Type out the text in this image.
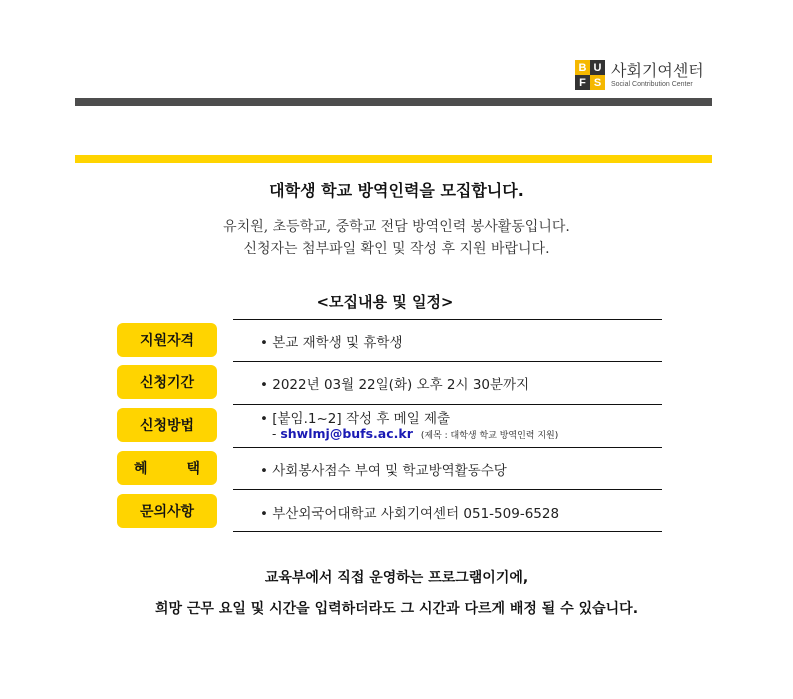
B U
F S
사회기여센터
Social Contribution Center
대학생 학교 방역인력을 모집합니다.
유치원, 초등학교, 중학교 전담 방역인력 봉사활동입니다.
신청자는 첨부파일 확인 및 작성 후 지원 바랍니다.
<모집내용 및 일정>
지원자격	• 본교 재학생 및 휴학생
신청기간	• 2022년 03월 22일(화) 오후 2시 30분까지
신청방법	• [붙임.1~2] 작성 후 메일 제출
- shwlmj@bufs.ac.kr (제목 : 대학생 학교 방역인력 지원)
혜        택	• 사회봉사점수 부여 및 학교방역활동수당
문의사항	• 부산외국어대학교 사회기여센터 051-509-6528
교육부에서 직접 운영하는 프로그램이기에,
희망 근무 요일 및 시간을 입력하더라도 그 시간과 다르게 배정 될 수 있습니다.
